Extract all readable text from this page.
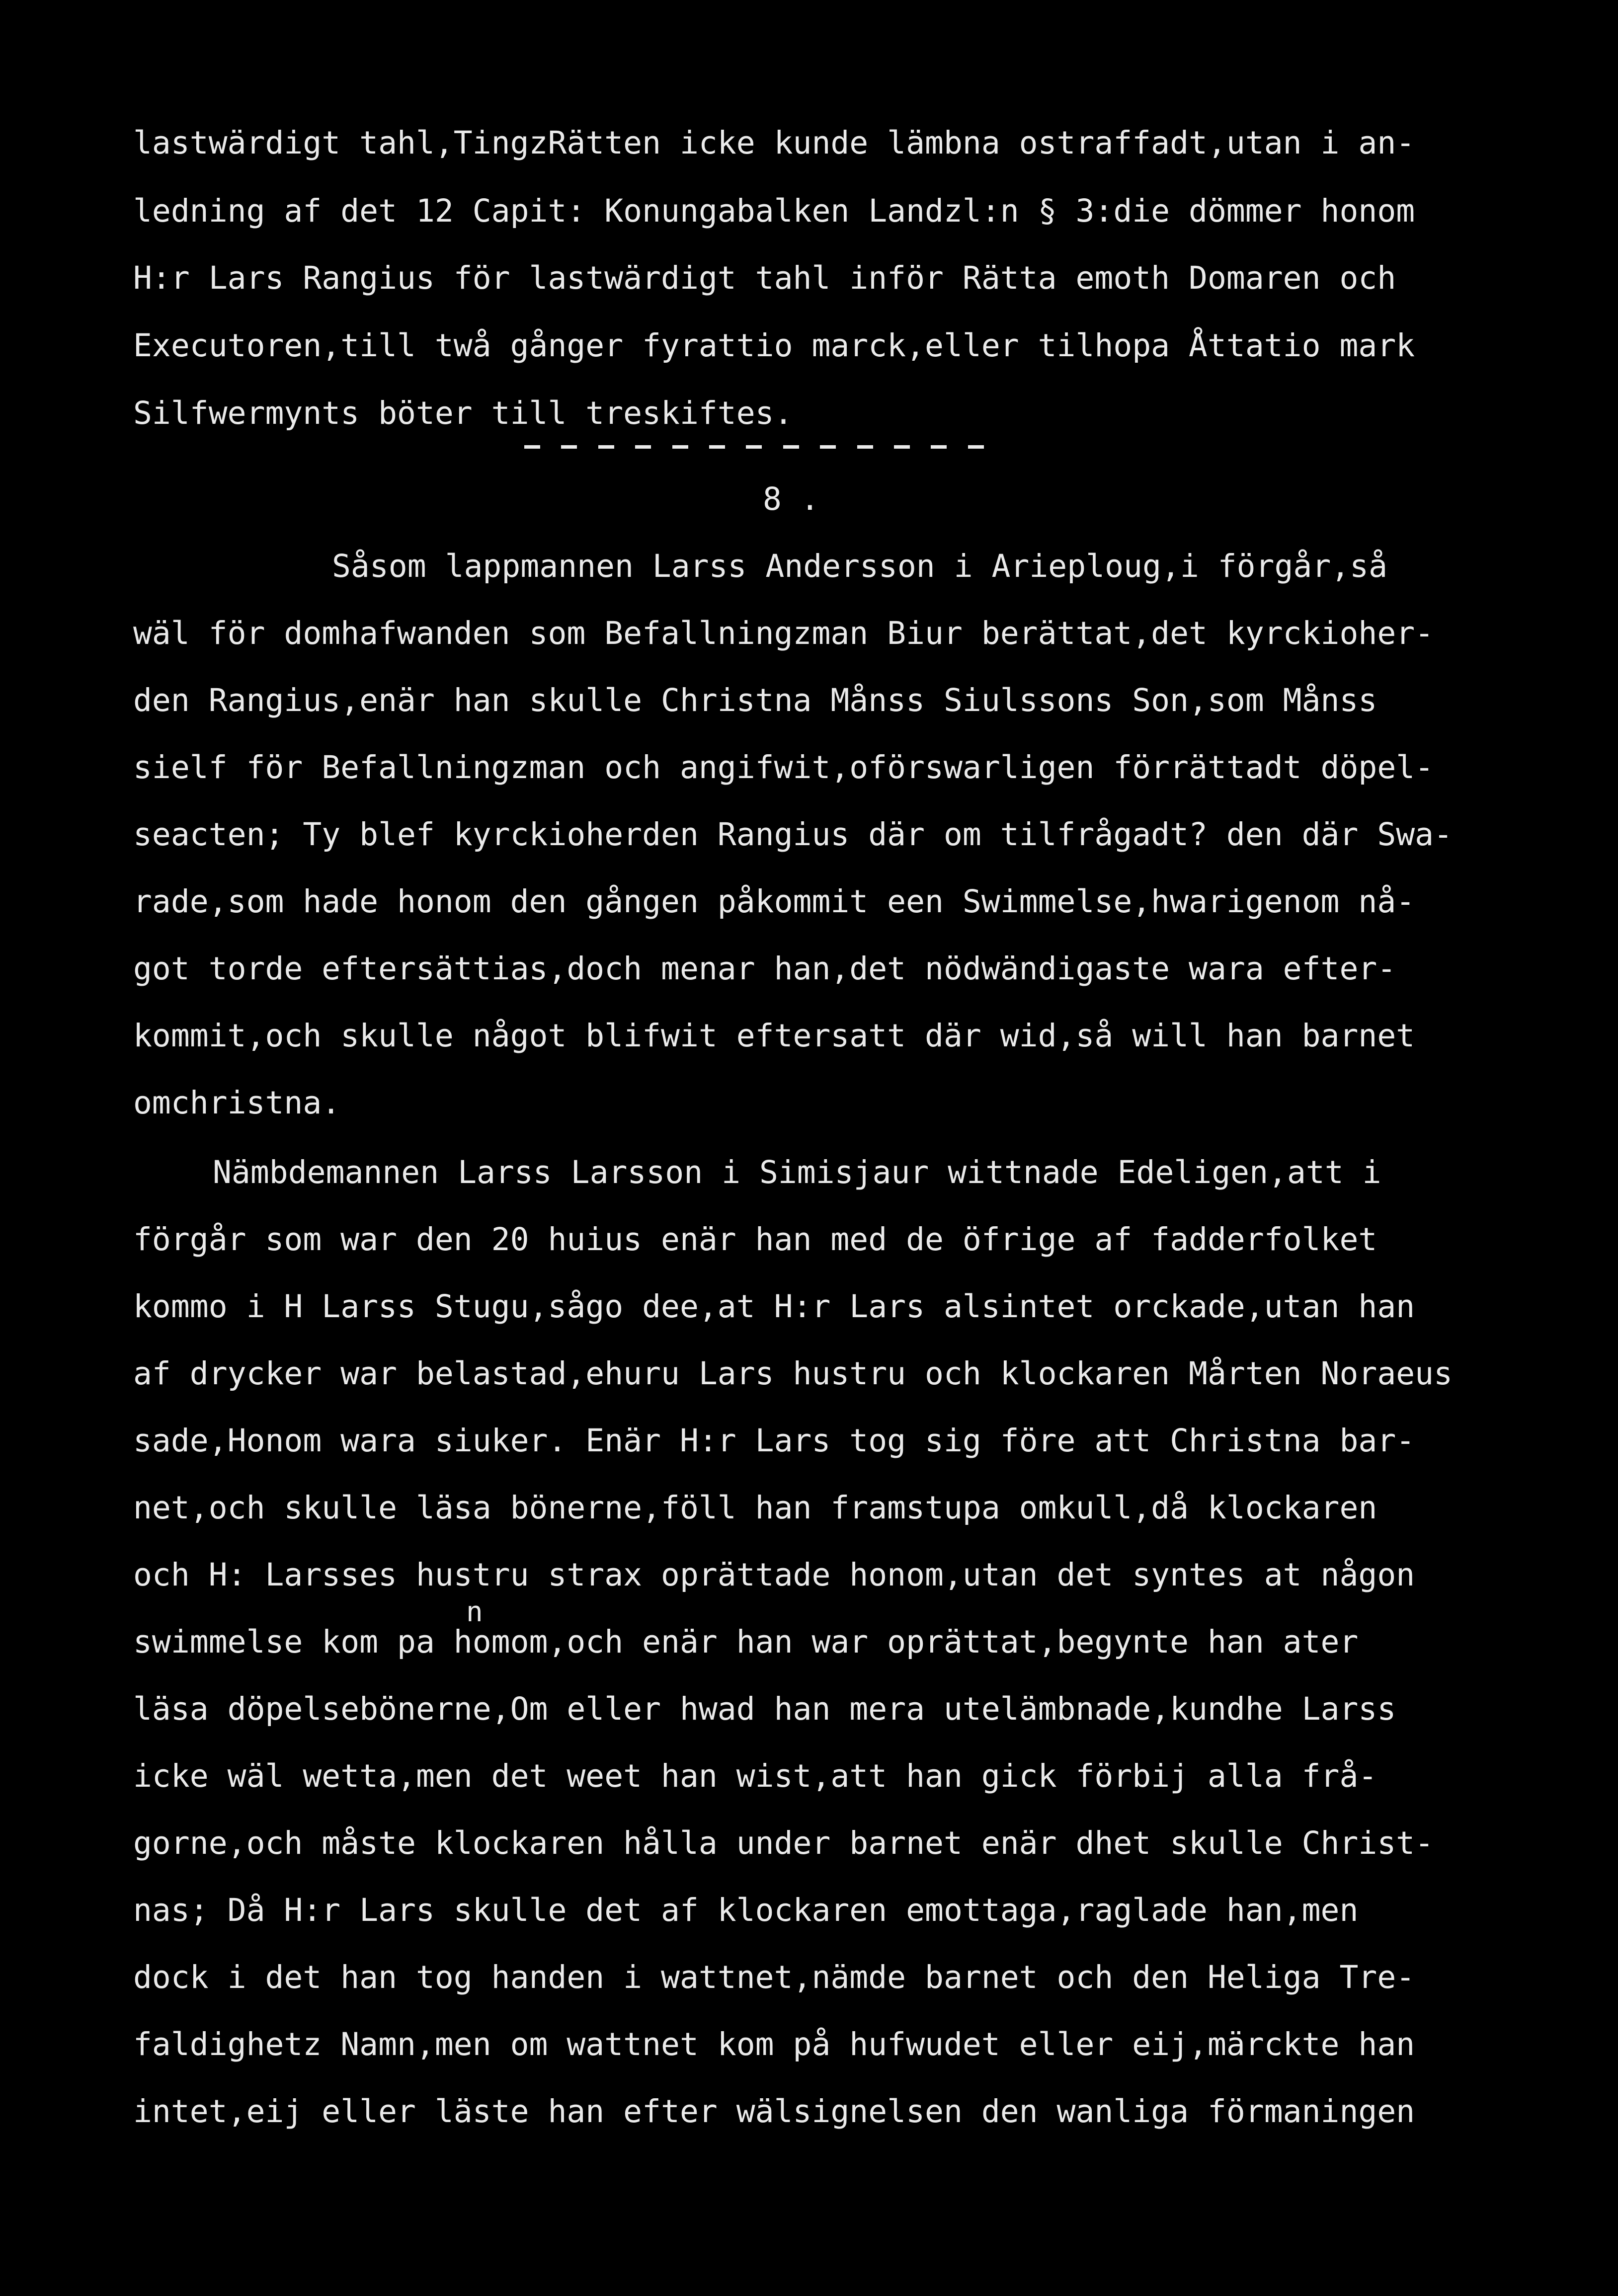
lastwärdigt tahl,TingzRätten icke kunde lämbna ostraffadt,utan i an-
ledning af det 12 Capit: Konungabalken Landzl:n § 3:die dömmer honom
H:r Lars Rangius för lastwärdigt tahl inför Rätta emoth Domaren och
Executoren,till twå gånger fyrattio marck,eller tilhopa Åttatio mark
Silfwermynts böter till treskiftes.
8 .
Såsom lappmannen Larss Andersson i Arieploug,i förgår,så
wäl för domhafwanden som Befallningzman Biur berättat,det kyrckioher-
den Rangius,enär han skulle Christna Månss Siulssons Son,som Månss
sielf för Befallningzman och angifwit,oförswarligen förrättadt döpel-
seacten; Ty blef kyrckioherden Rangius där om tilfrågadt? den där Swa-
rade,som hade honom den gången påkommit een Swimmelse,hwarigenom nå-
got torde eftersättias,doch menar han,det nödwändigaste wara efter-
kommit,och skulle något blifwit eftersatt där wid,så will han barnet
omchristna.
Nämbdemannen Larss Larsson i Simisjaur wittnade Edeligen,att i
förgår som war den 20 huius enär han med de öfrige af fadderfolket
kommo i H Larss Stugu,sågo dee,at H:r Lars alsintet orckade,utan han
af drycker war belastad,ehuru Lars hustru och klockaren Mårten Noraeus
sade,Honom wara siuker. Enär H:r Lars tog sig före att Christna bar-
net,och skulle läsa bönerne,föll han framstupa omkull,då klockaren
och H: Larsses hustru strax oprättade honom,utan det syntes at någon
n
swimmelse kom pa homom,och enär han war oprättat,begynte han ater
läsa döpelsebönerne,Om eller hwad han mera utelämbnade,kundhe Larss
icke wäl wetta,men det weet han wist,att han gick förbij alla frå-
gorne,och måste klockaren hålla under barnet enär dhet skulle Christ-
nas; Då H:r Lars skulle det af klockaren emottaga,raglade han,men
dock i det han tog handen i wattnet,nämde barnet och den Heliga Tre-
faldighetz Namn,men om wattnet kom på hufwudet eller eij,märckte han
intet,eij eller läste han efter wälsignelsen den wanliga förmaningen
